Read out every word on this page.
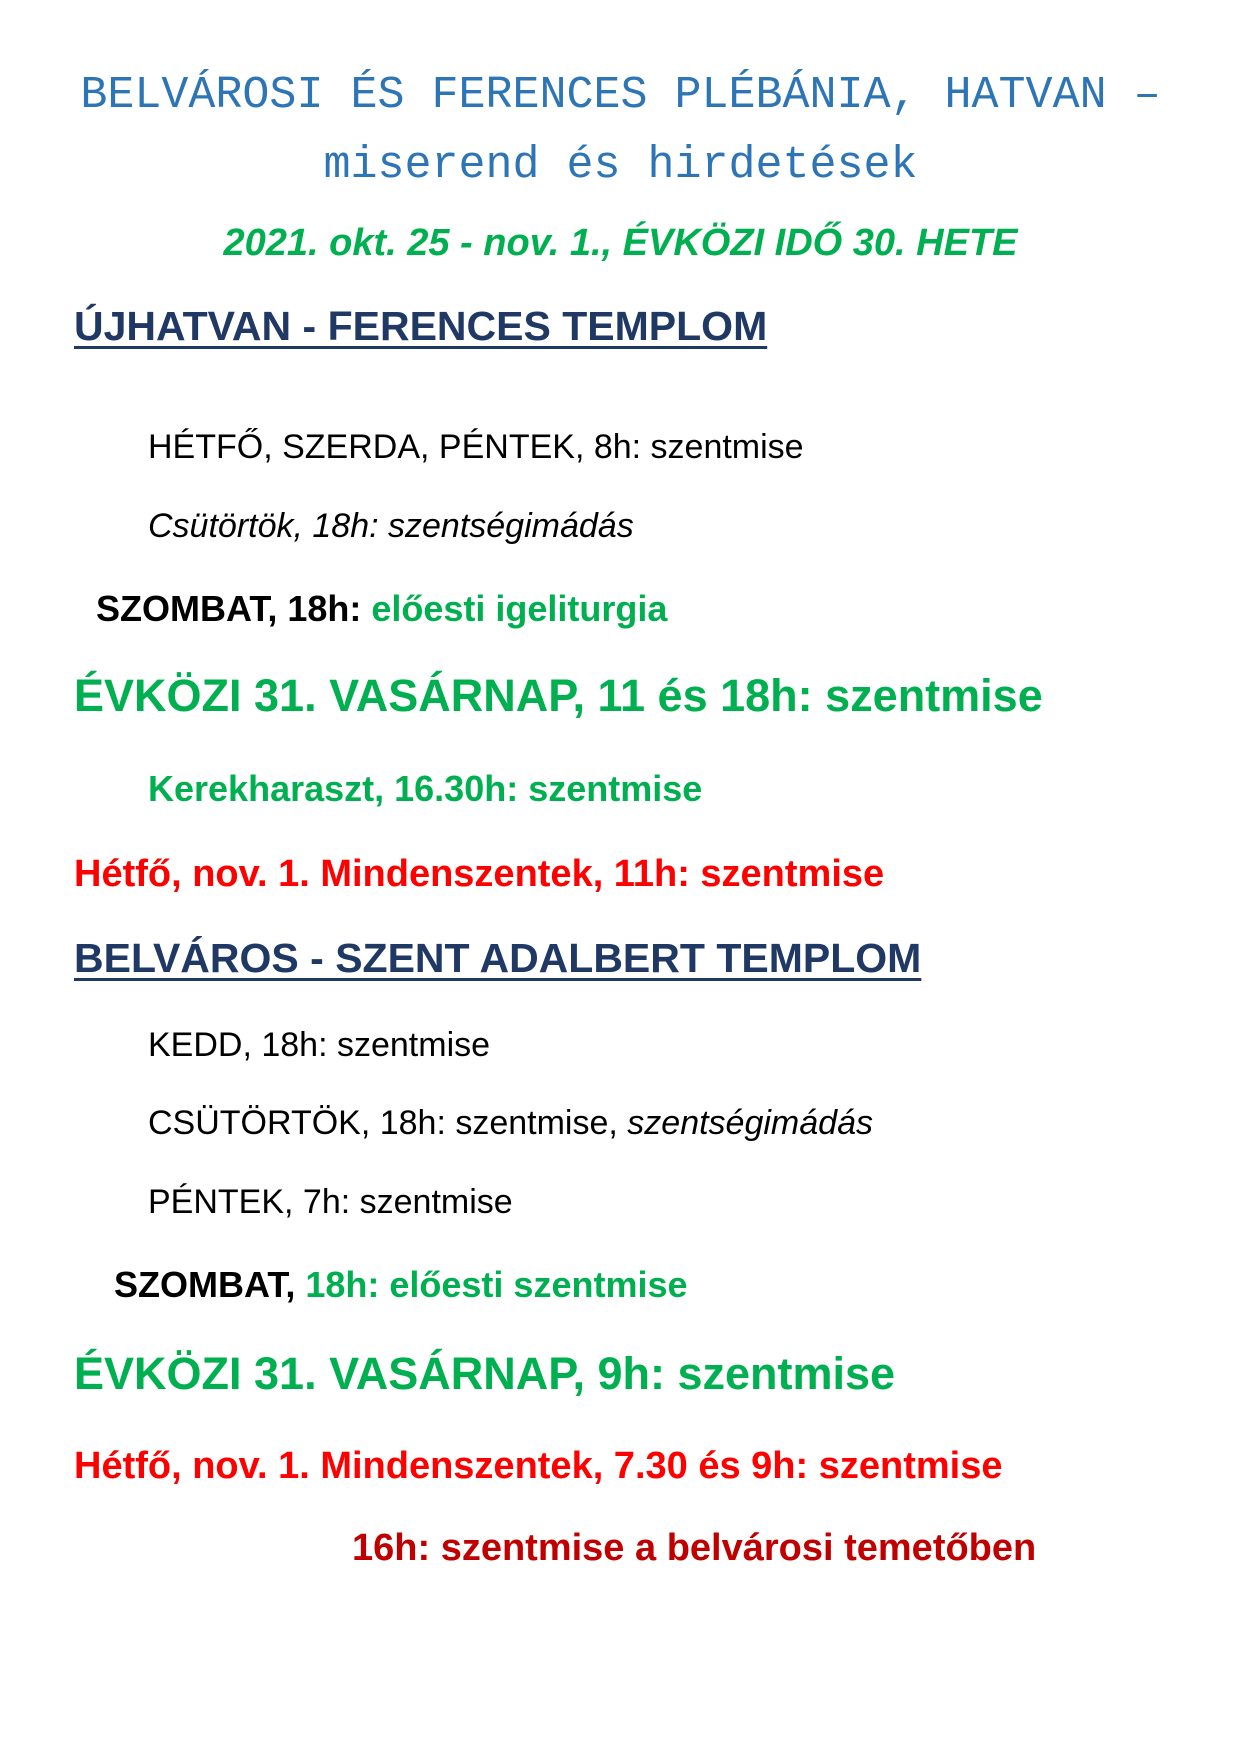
BELVÁROSI ÉS FERENCES PLÉBÁNIA, HATVAN –
miserend és hirdetések
2021. okt. 25 - nov. 1., ÉVKÖZI IDŐ 30. HETE
ÚJHATVAN - FERENCES TEMPLOM
HÉTFŐ, SZERDA, PÉNTEK, 8h: szentmise
Csütörtök, 18h: szentségimádás
SZOMBAT, 18h: előesti igeliturgia
ÉVKÖZI 31. VASÁRNAP, 11 és 18h: szentmise
Kerekharaszt, 16.30h: szentmise
Hétfő, nov. 1. Mindenszentek, 11h: szentmise
BELVÁROS - SZENT ADALBERT TEMPLOM
KEDD, 18h: szentmise
CSÜTÖRTÖK, 18h: szentmise, szentségimádás
PÉNTEK, 7h: szentmise
SZOMBAT, 18h: előesti szentmise
ÉVKÖZI 31. VASÁRNAP, 9h: szentmise
Hétfő, nov. 1. Mindenszentek, 7.30 és 9h: szentmise
16h: szentmise a belvárosi temetőben
